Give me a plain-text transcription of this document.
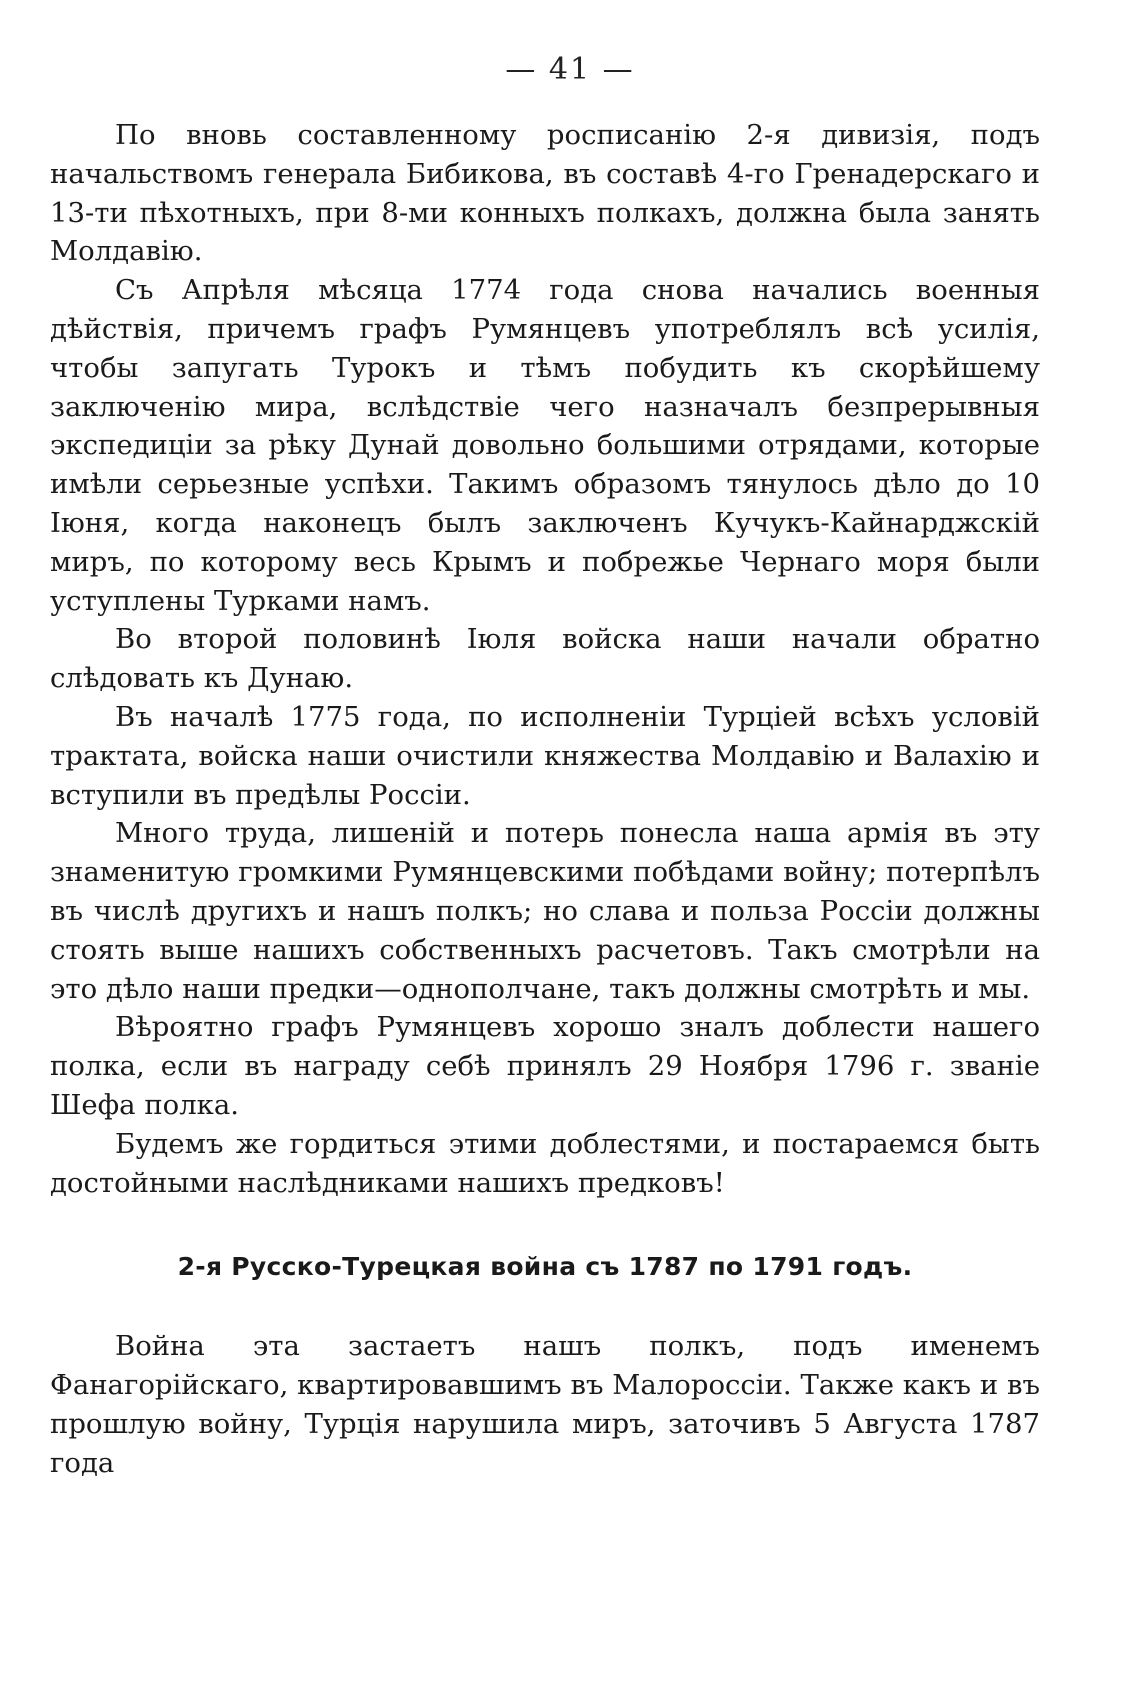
— 41 —

По вновь составленному росписанію 2-я дивизія, подъ начальствомъ генерала Бибикова, въ составѣ 4-го Гренадерскаго и 13-ти пѣхотныхъ, при 8-ми конныхъ полкахъ, должна была занять Молдавію.

Съ Апрѣля мѣсяца 1774 года снова начались военныя дѣйствія, причемъ графъ Румянцевъ употреблялъ всѣ усилія, чтобы запугать Турокъ и тѣмъ побудить къ скорѣйшему заключенію мира, вслѣдствіе чего назначалъ безпрерывныя экспедиціи за рѣку Дунай довольно большими отрядами, которые имѣли серьезные успѣхи. Такимъ образомъ тянулось дѣло до 10 Іюня, когда наконецъ былъ заключенъ Кучукъ-Кайнарджскій миръ, по которому весь Крымъ и побрежье Чернаго моря были уступлены Турками намъ.

Во второй половинѣ Іюля войска наши начали обратно слѣдовать къ Дунаю.

Въ началѣ 1775 года, по исполненіи Турціей всѣхъ условій трактата, войска наши очистили княжества Молдавію и Валахію и вступили въ предѣлы Россіи.

Много труда, лишеній и потерь понесла наша армія въ эту знаменитую громкими Румянцевскими побѣдами войну; потерпѣлъ въ числѣ другихъ и нашъ полкъ; но слава и польза Россіи должны стоять выше нашихъ собственныхъ расчетовъ. Такъ смотрѣли на это дѣло наши предки—однополчане, такъ должны смотрѣть и мы.

Вѣроятно графъ Румянцевъ хорошо зналъ доблести нашего полка, если въ награду себѣ принялъ 29 Ноября 1796 г. званіе Шефа полка.

Будемъ же гордиться этими доблестями, и постараемся быть достойными наслѣдниками нашихъ предковъ!

2-я Русско-Турецкая война съ 1787 по 1791 годъ.

Война эта застаетъ нашъ полкъ, подъ именемъ Фанагорійскаго, квартировавшимъ въ Малороссіи. Также какъ и въ прошлую войну, Турція нарушила миръ, заточивъ 5 Августа 1787 года
